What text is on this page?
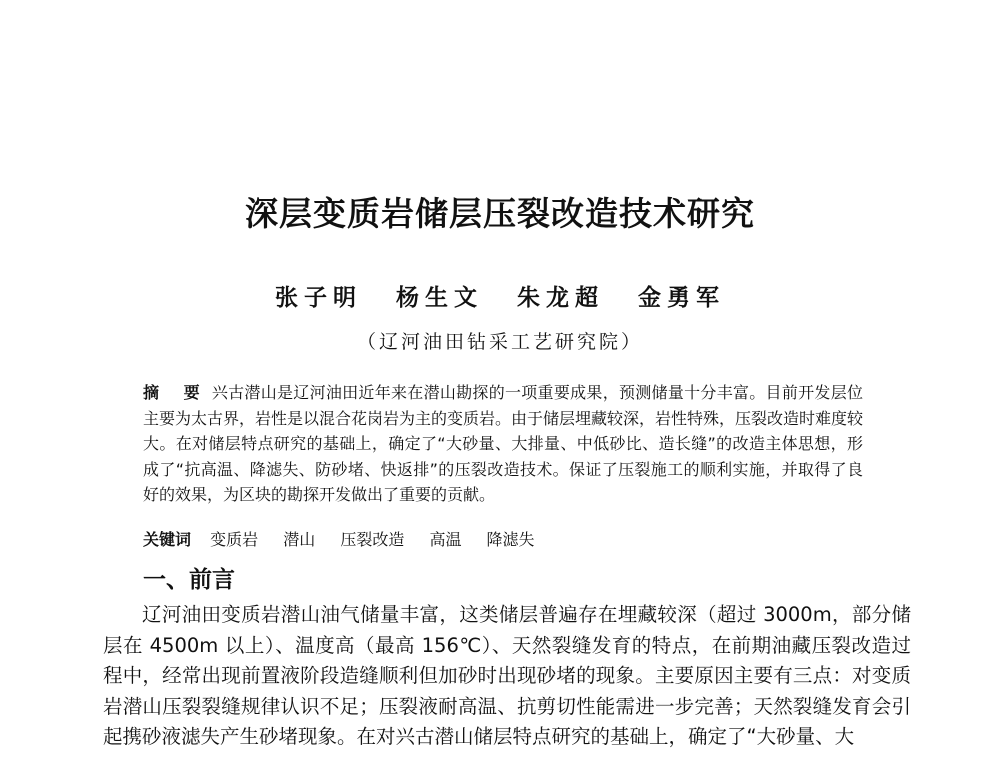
深层变质岩储层压裂改造技术研究
张子明 杨生文 朱龙超 金勇军
（辽河油田钻采工艺研究院）
摘　要 兴古潜山是辽河油田近年来在潜山勘探的一项重要成果，预测储量十分丰富。目前开发层位主要为太古界，岩性是以混合花岗岩为主的变质岩。由于储层埋藏较深，岩性特殊，压裂改造时难度较大。在对储层特点研究的基础上，确定了“大砂量、大排量、中低砂比、造长缝”的改造主体思想，形成了“抗高温、降滤失、防砂堵、快返排”的压裂改造技术。保证了压裂施工的顺利实施，并取得了良好的效果，为区块的勘探开发做出了重要的贡献。
关键词 变质岩 潜山 压裂改造 高温 降滤失
一、前言
辽河油田变质岩潜山油气储量丰富，这类储层普遍存在埋藏较深（超过 3000m，部分储层在 4500m 以上）、温度高（最高 156℃）、天然裂缝发育的特点，在前期油藏压裂改造过程中，经常出现前置液阶段造缝顺利但加砂时出现砂堵的现象。主要原因主要有三点：对变质岩潜山压裂裂缝规律认识不足；压裂液耐高温、抗剪切性能需进一步完善；天然裂缝发育会引起携砂液滤失产生砂堵现象。在对兴古潜山储层特点研究的基础上，确定了“大砂量、大
